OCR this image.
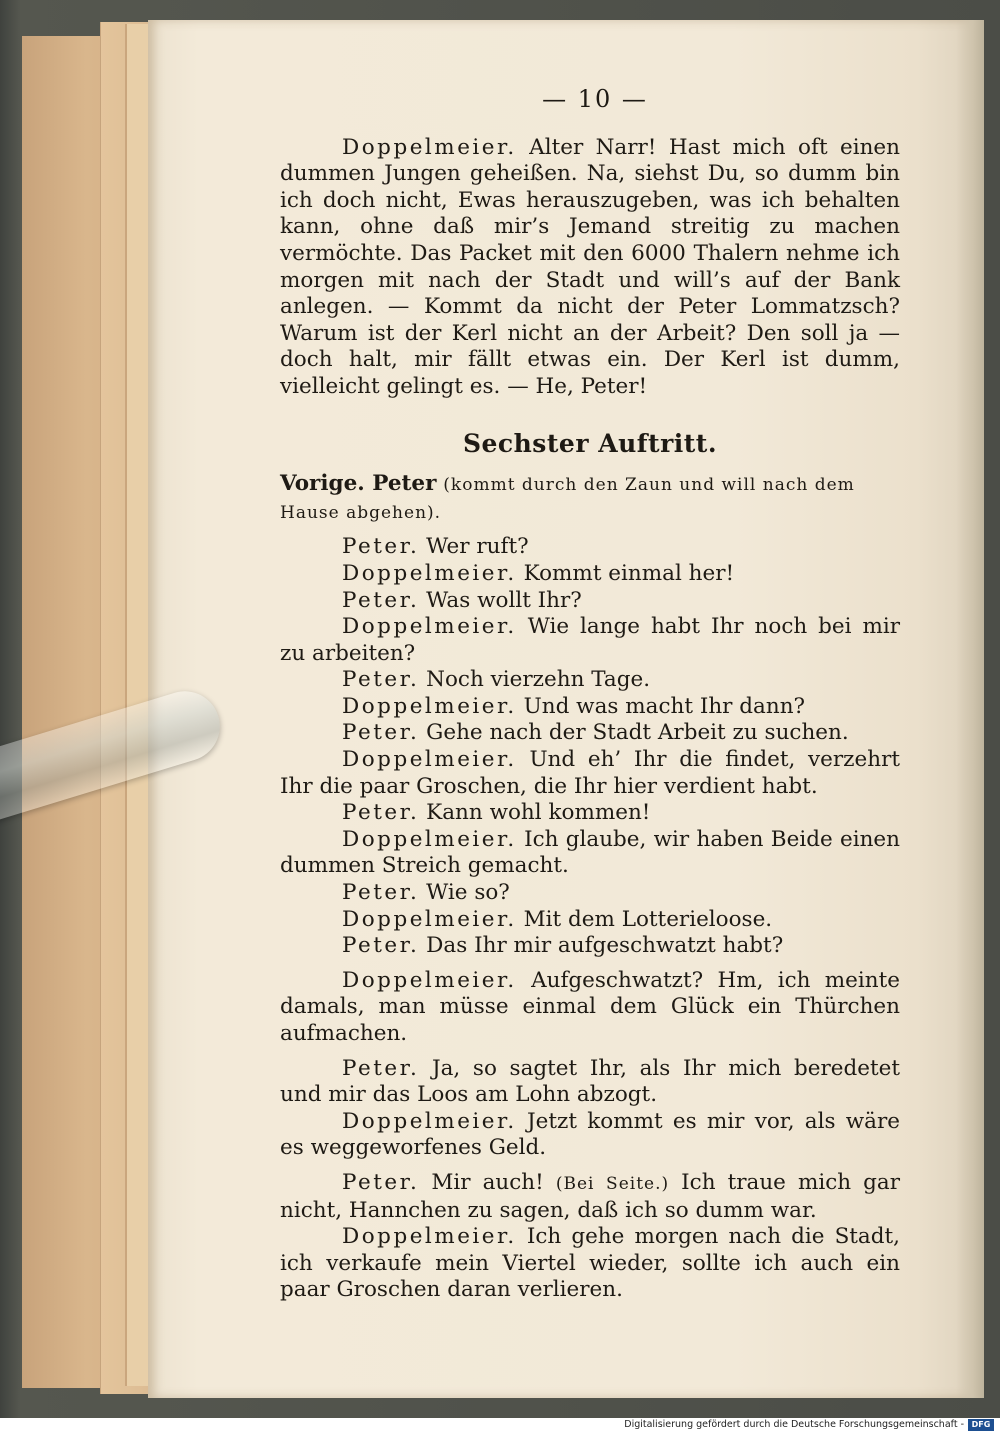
— 10 —

Doppelmeier. Alter Narr! Hast mich oft einen dummen Jungen geheißen. Na, siehst Du, so dumm bin ich doch nicht, Ewas herauszugeben, was ich behalten kann, ohne daß mir’s Jemand streitig zu machen vermöchte. Das Packet mit den 6000 Thalern nehme ich morgen mit nach der Stadt und will’s auf der Bank anlegen. — Kommt da nicht der Peter Lommatzsch? Warum ist der Kerl nicht an der Arbeit? Den soll ja — doch halt, mir fällt etwas ein. Der Kerl ist dumm, vielleicht gelingt es. — He, Peter!

Sechster Auftritt.
Vorige. Peter (kommt durch den Zaun und will nach dem Hause abgehen).

Peter. Wer ruft?

Doppelmeier. Kommt einmal her!

Peter. Was wollt Ihr?

Doppelmeier. Wie lange habt Ihr noch bei mir zu arbeiten?

Peter. Noch vierzehn Tage.

Doppelmeier. Und was macht Ihr dann?

Peter. Gehe nach der Stadt Arbeit zu suchen.

Doppelmeier. Und eh’ Ihr die findet, verzehrt Ihr die paar Groschen, die Ihr hier verdient habt.

Peter. Kann wohl kommen!

Doppelmeier. Ich glaube, wir haben Beide einen dummen Streich gemacht.

Peter. Wie so?

Doppelmeier. Mit dem Lotterieloose.

Peter. Das Ihr mir aufgeschwatzt habt?

Doppelmeier. Aufgeschwatzt? Hm, ich meinte damals, man müsse einmal dem Glück ein Thürchen aufmachen.

Peter. Ja, so sagtet Ihr, als Ihr mich beredetet und mir das Loos am Lohn abzogt.

Doppelmeier. Jetzt kommt es mir vor, als wäre es weggeworfenes Geld.

Peter. Mir auch! (Bei Seite.) Ich traue mich gar nicht, Hannchen zu sagen, daß ich so dumm war.

Doppelmeier. Ich gehe morgen nach die Stadt, ich verkaufe mein Viertel wieder, sollte ich auch ein paar Groschen daran verlieren.

Digitalisierung gefördert durch die Deutsche Forschungsgemeinschaft - DFG
